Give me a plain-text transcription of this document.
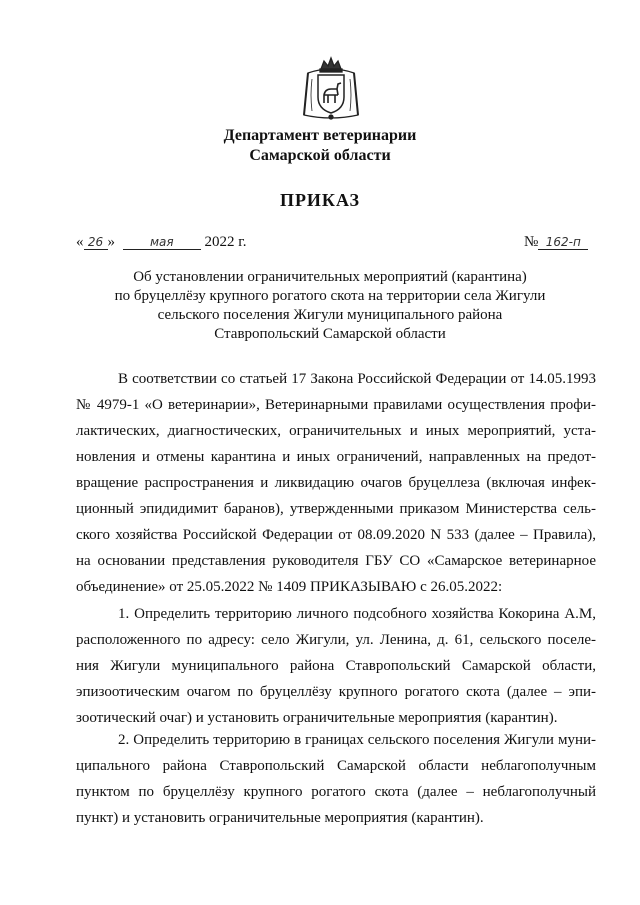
Департамент ветеринарии
Самарской области
ПРИКАЗ
« 26 »	мая 2022 г.	№ 162-п
Об установлении ограничительных мероприятий (карантина)
по бруцеллёзу крупного рогатого скота на территории села Жигули
сельского поселения Жигули муниципального района
Ставропольский Самарской области
В соответствии со статьей 17 Закона Российской Федерации от 14.05.1993
№ 4979-1 «О ветеринарии», Ветеринарными правилами осуществления профи-
лактических, диагностических, ограничительных и иных мероприятий, уста-
новления и отмены карантина и иных ограничений, направленных на предот-
вращение распространения и ликвидацию очагов бруцеллеза (включая инфек-
ционный эпидидимит баранов), утвержденными приказом Министерства сель-
ского хозяйства Российской Федерации от 08.09.2020 N 533 (далее – Правила),
на основании представления руководителя ГБУ СО «Самарское ветеринарное
объединение» от 25.05.2022 № 1409 ПРИКАЗЫВАЮ с 26.05.2022:
1. Определить территорию личного подсобного хозяйства Кокорина А.М,
расположенного по адресу: село Жигули, ул. Ленина, д. 61, сельского поселе-
ния Жигули муниципального района Ставропольский Самарской области,
эпизоотическим очагом по бруцеллёзу крупного рогатого скота (далее – эпи-
зоотический очаг) и установить ограничительные мероприятия (карантин).
2. Определить территорию в границах сельского поселения Жигули муни-
ципального района Ставропольский Самарской области неблагополучным
пунктом по бруцеллёзу крупного рогатого скота (далее – неблагополучный
пункт) и установить ограничительные мероприятия (карантин).
